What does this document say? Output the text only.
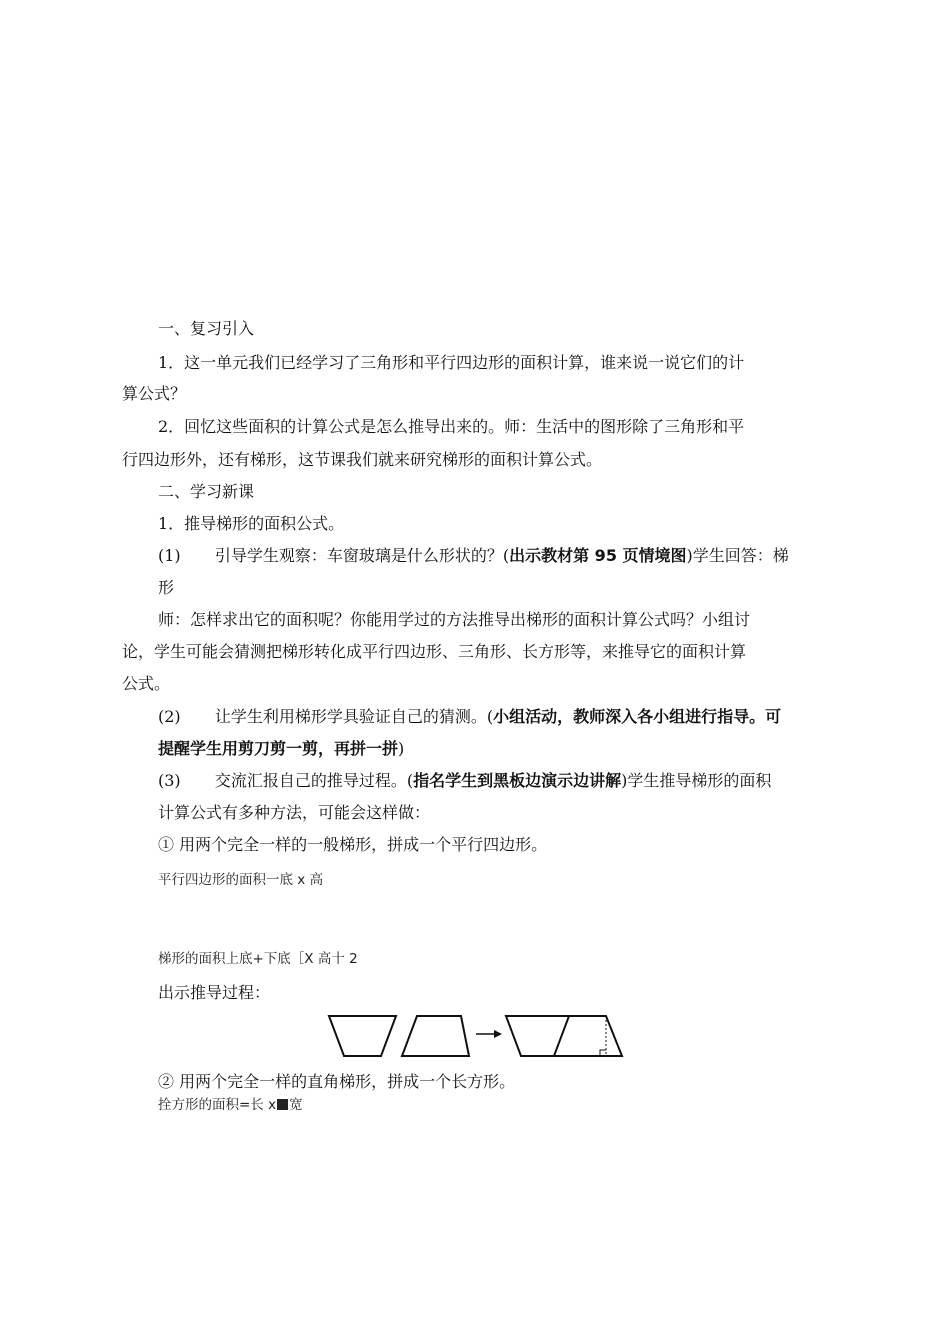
一、复习引入
1．这一单元我们已经学习了三角形和平行四边形的面积计算，谁来说一说它们的计
算公式？
2．回忆这些面积的计算公式是怎么推导出来的。师：生活中的图形除了三角形和平
行四边形外，还有梯形，这节课我们就来研究梯形的面积计算公式。
二、学习新课
1．推导梯形的面积公式。
(1) 引导学生观察：车窗玻璃是什么形状的？(出示教材第 95 页情境图)学生回答：梯
形
师：怎样求出它的面积呢？你能用学过的方法推导出梯形的面积计算公式吗？小组讨
论，学生可能会猜测把梯形转化成平行四边形、三角形、长方形等，来推导它的面积计算
公式。
(2) 让学生利用梯形学具验证自己的猜测。(小组活动，教师深入各小组进行指导。可
提醒学生用剪刀剪一剪，再拼一拼)
(3) 交流汇报自己的推导过程。(指名学生到黑板边演示边讲解)学生推导梯形的面积
计算公式有多种方法，可能会这样做：
① 用两个完全一样的一般梯形，拼成一个平行四边形。
平行四边形的面积一底 x 高
梯形的面积上底+下底［X 高十 2
出示推导过程：
② 用两个完全一样的直角梯形，拼成一个长方形。
拴方形的面积=长 x 宽
